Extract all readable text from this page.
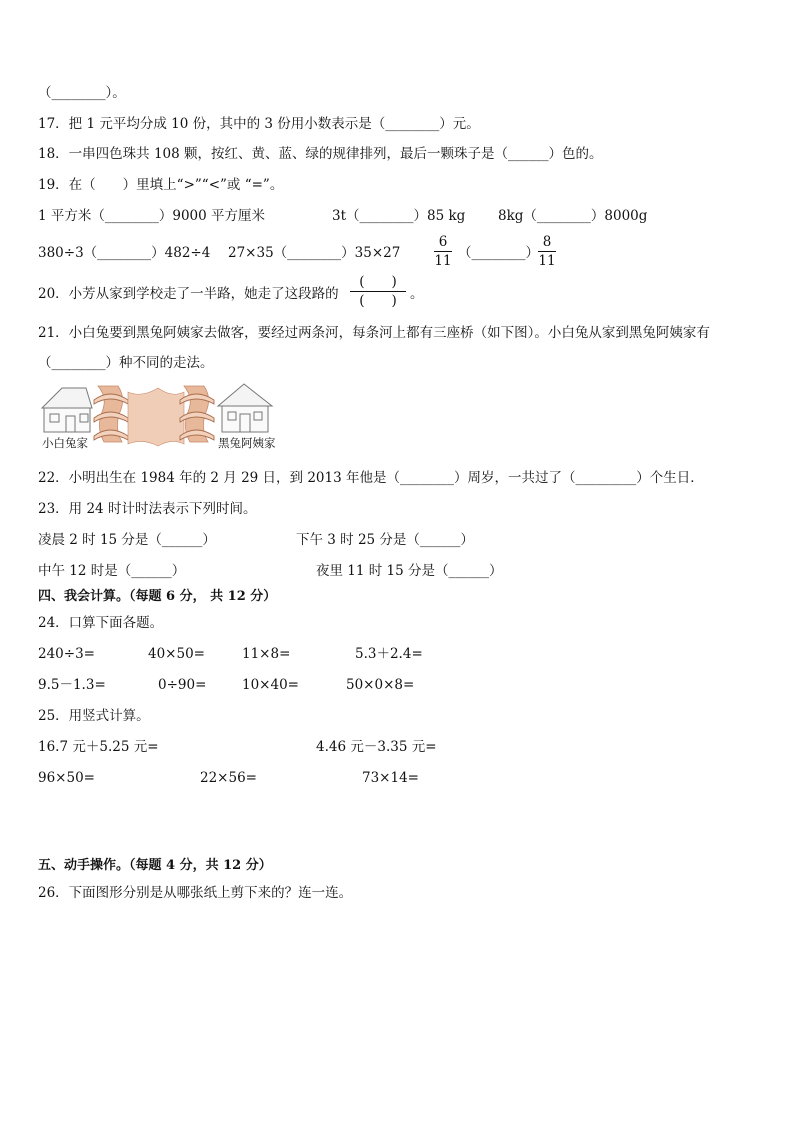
（________）。
17．把 1 元平均分成 10 份，其中的 3 份用小数表示是（________）元。
18．一串四色珠共 108 颗，按红、黄、蓝、绿的规律排列，最后一颗珠子是（______）色的。
19．在（　　）里填上“>”“<”或 “=”。
1 平方米（________）9000 平方厘米	3t（________）85 kg 8kg（________）8000g
380÷3（________）482÷4 27×35（________）35×27
6
11 （________）
8
11
20．小芳从家到学校走了一半路，她走了这段路的
(　　)
(　　) 。
21．小白兔要到黑兔阿姨家去做客，要经过两条河，每条河上都有三座桥（如下图）。小白兔从家到黑兔阿姨家有
（________）种不同的走法。
小白兔家	黑兔阿姨家
22．小明出生在 1984 年的 2 月 29 日，到 2013 年他是（________）周岁，一共过了（_________）个生日．
23．用 24 时计时法表示下列时间。
凌晨 2 时 15 分是（______）	下午 3 时 25 分是（______）
中午 12 时是（______）	夜里 11 时 15 分是（______）
四、我会计算。（每题 6 分， 共 12 分）
24．口算下面各题。
240÷3=	40×50=	11×8=	5.3＋2.4=
9.5－1.3=	0÷90=	10×40=	50×0×8=
25．用竖式计算。
16.7 元＋5.25 元=	4.46 元－3.35 元=
96×50=	22×56=	73×14=
五、动手操作。（每题 4 分，共 12 分）
26．下面图形分别是从哪张纸上剪下来的？连一连。
